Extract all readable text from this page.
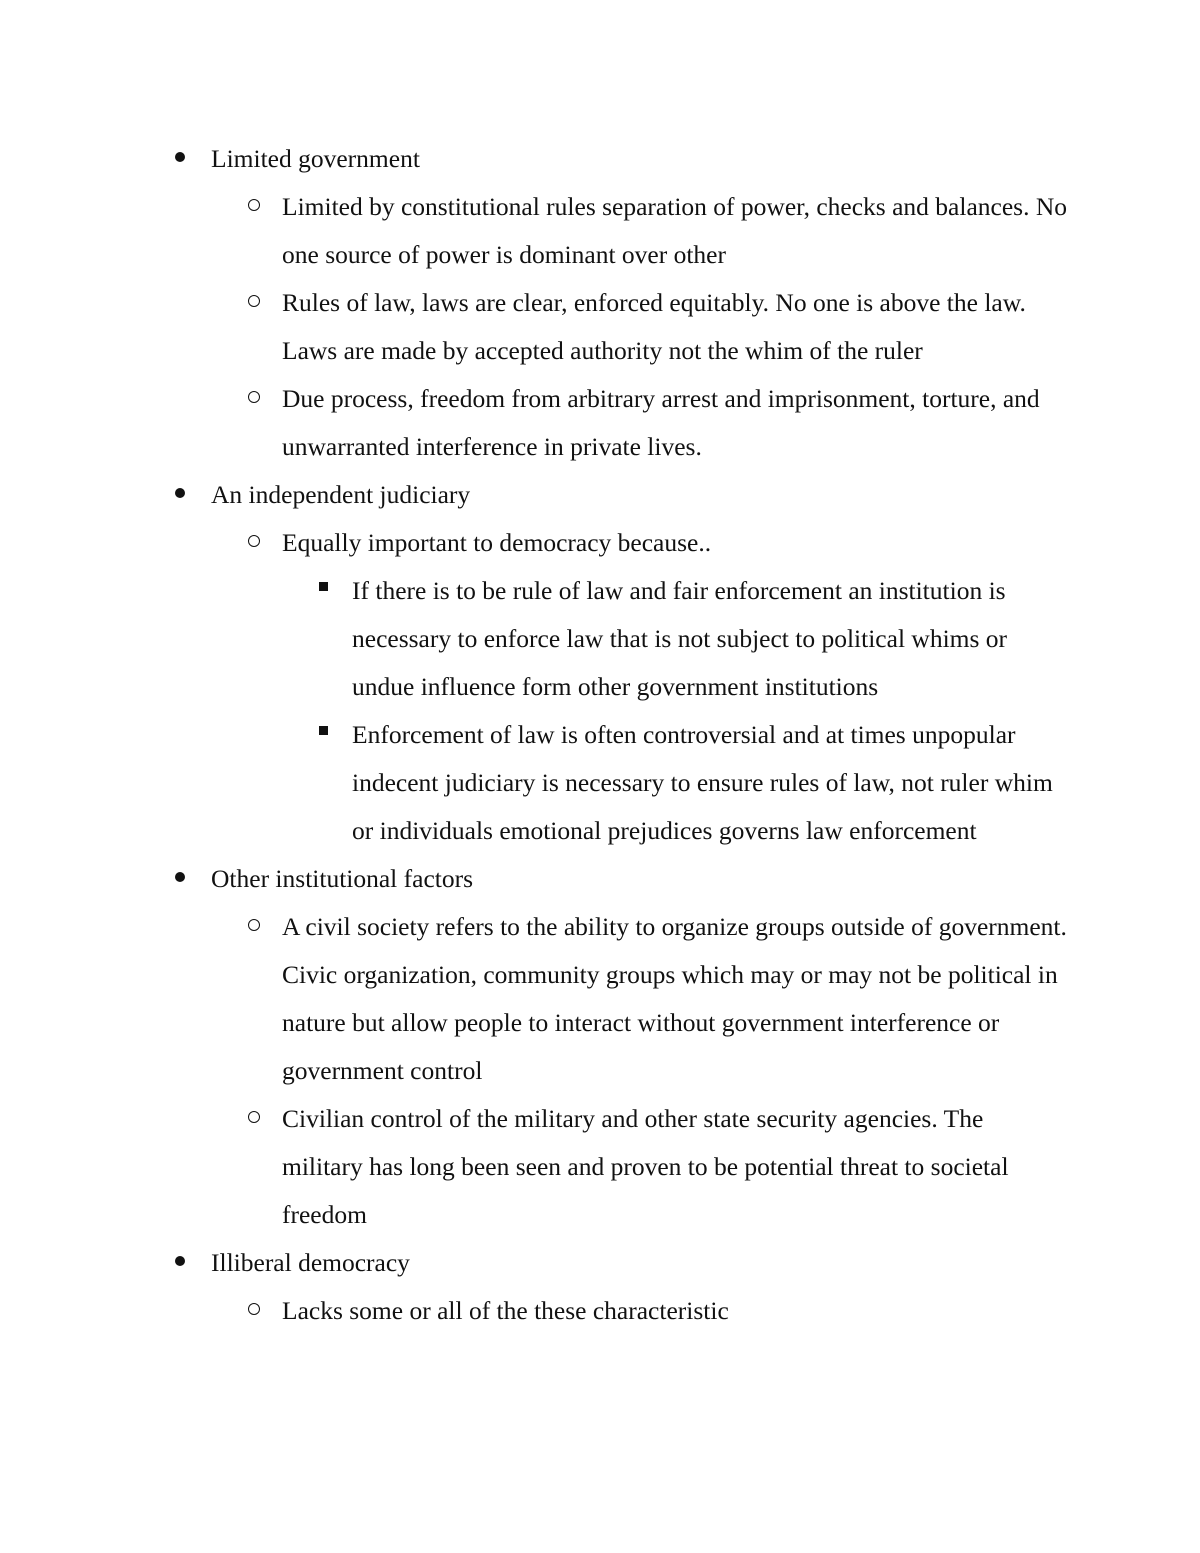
Limited government
Limited by constitutional rules separation of power, checks and balances. No one source of power is dominant over other
Rules of law, laws are clear, enforced equitably. No one is above the law. Laws are made by accepted authority not the whim of the ruler
Due process, freedom from arbitrary arrest and imprisonment, torture, and unwarranted interference in private lives.
An independent judiciary
Equally important to democracy because..
If there is to be rule of law and fair enforcement an institution is necessary to enforce law that is not subject to political whims or undue influence form other government institutions
Enforcement of law is often controversial and at times unpopular indecent judiciary is necessary to ensure rules of law, not ruler whim or individuals emotional prejudices governs law enforcement
Other institutional factors
A civil society refers to the ability to organize groups outside of government. Civic organization, community groups which may or may not be political in nature but allow people to interact without government interference or government control
Civilian control of the military and other state security agencies. The military has long been seen and proven to be potential threat to societal freedom
Illiberal democracy
Lacks some or all of the these characteristic
